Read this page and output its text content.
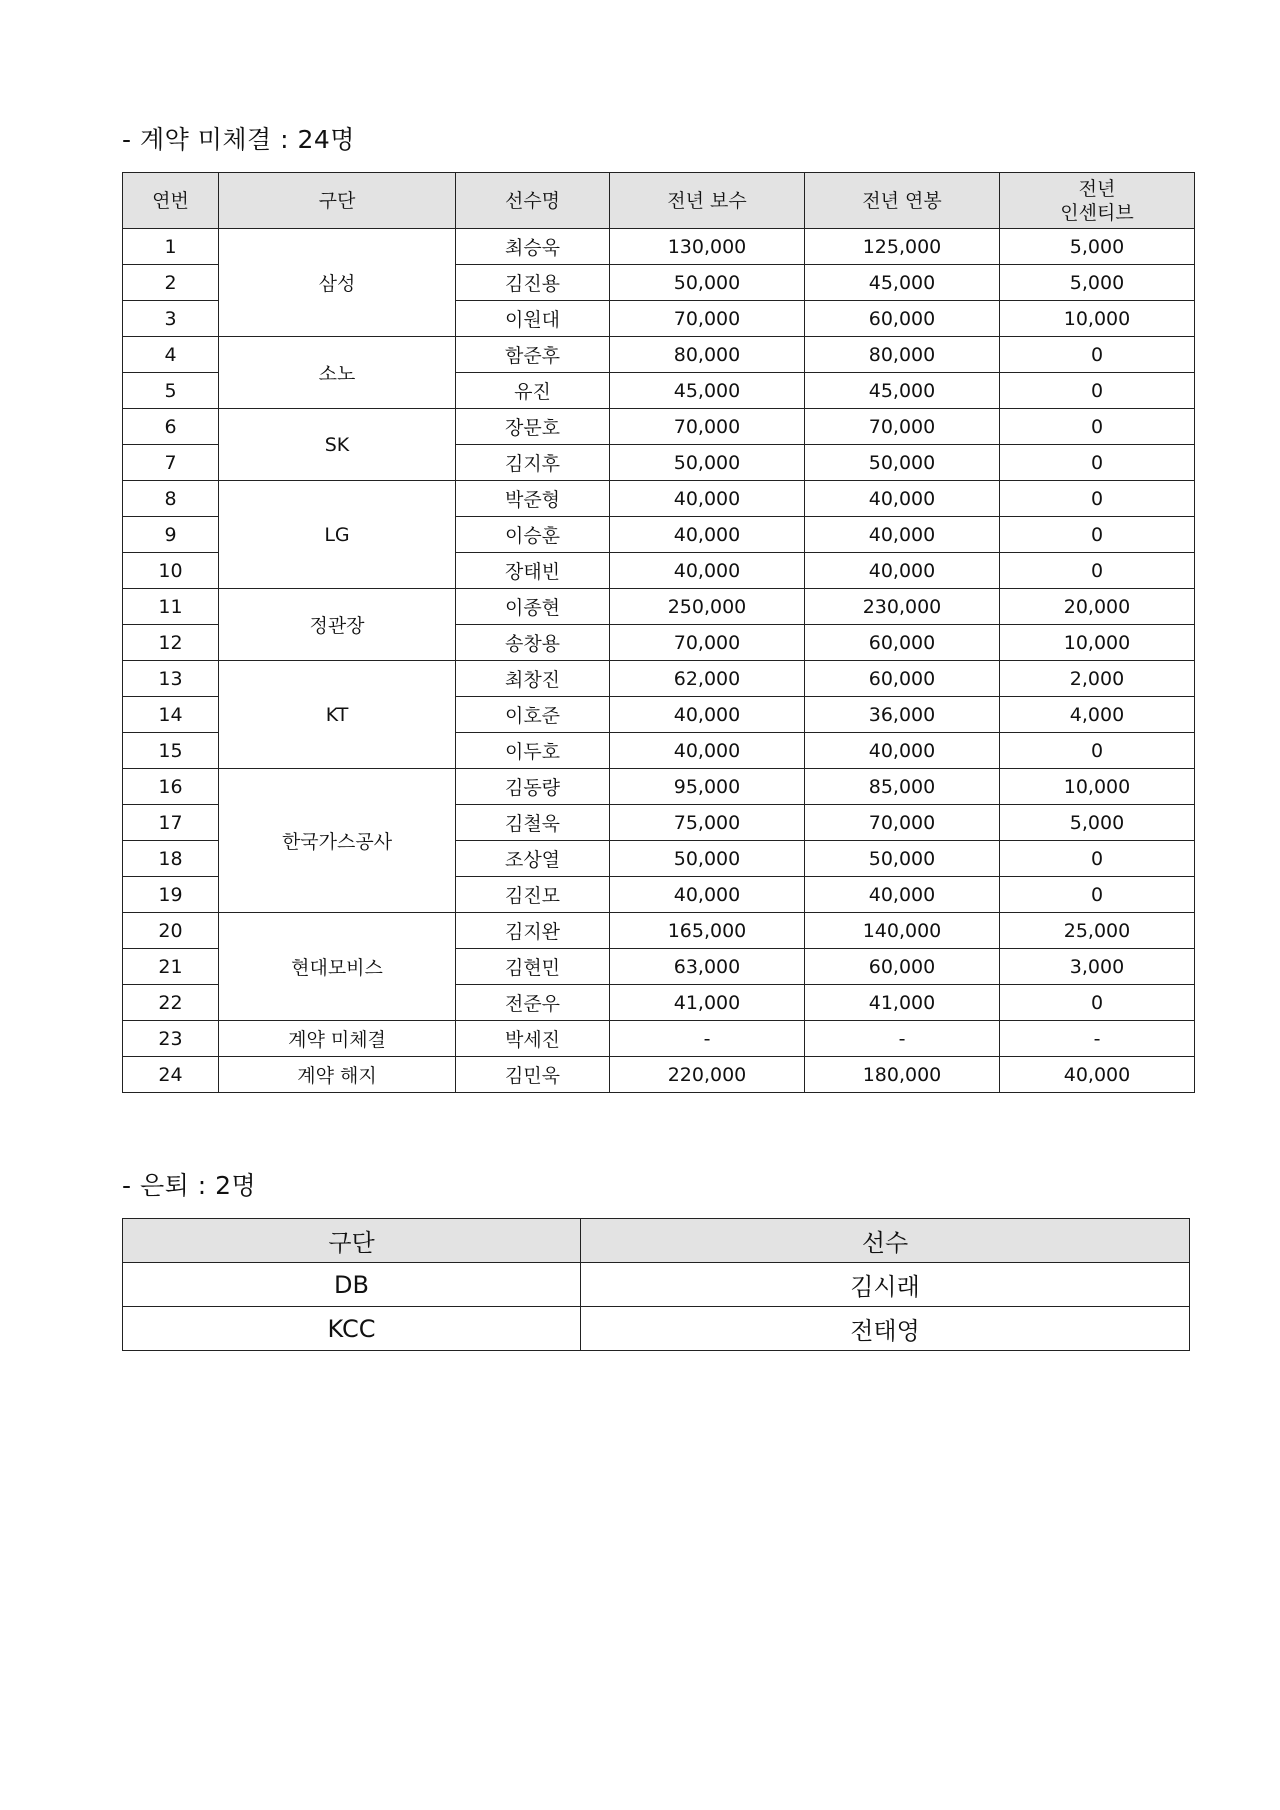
- 계약 미체결 : 24명
연번	구단	선수명	전년 보수	전년 연봉	전년
인센티브

1	삼성	최승욱	130,000	125,000	5,000
2		김진용	50,000	45,000	5,000
3		이원대	70,000	60,000	10,000
4	소노	함준후	80,000	80,000	0
5		유진	45,000	45,000	0
6	SK	장문호	70,000	70,000	0
7		김지후	50,000	50,000	0
8	LG	박준형	40,000	40,000	0
9		이승훈	40,000	40,000	0
10		장태빈	40,000	40,000	0
11	정관장	이종현	250,000	230,000	20,000
12		송창용	70,000	60,000	10,000
13	KT	최창진	62,000	60,000	2,000
14		이호준	40,000	36,000	4,000
15		이두호	40,000	40,000	0
16	한국가스공사	김동량	95,000	85,000	10,000
17		김철욱	75,000	70,000	5,000
18		조상열	50,000	50,000	0
19		김진모	40,000	40,000	0
20	현대모비스	김지완	165,000	140,000	25,000
21		김현민	63,000	60,000	3,000
22		전준우	41,000	41,000	0
23	계약 미체결	박세진	-	-	-
24	계약 해지	김민욱	220,000	180,000	40,000
- 은퇴 : 2명
구단	선수
DB	김시래
KCC	전태영
